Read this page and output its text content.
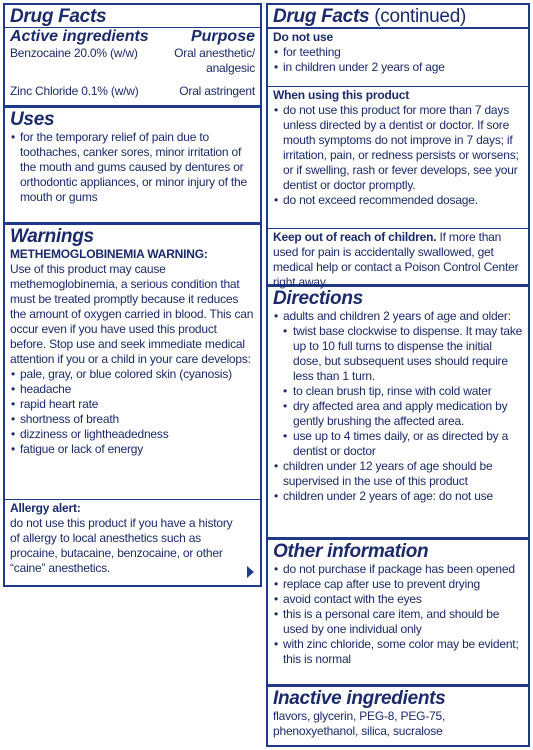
Drug Facts
Active ingredients	Purpose
Benzocaine 20.0% (w/w)	Oral anesthetic/
analgesic
Zinc Chloride 0.1% (w/w)	Oral astringent
Uses
• for the temporary relief of pain due to toothaches, canker sores, minor irritation of the mouth and gums caused by dentures or orthodontic appliances, or minor injury of the mouth or gums
Warnings
METHEMOGLOBINEMIA WARNING:
Use of this product may cause methemoglobinemia, a serious condition that must be treated promptly because it reduces the amount of oxygen carried in blood. This can occur even if you have used this product before. Stop use and seek immediate medical attention if you or a child in your care develops:
• pale, gray, or blue colored skin (cyanosis)
• headache
• rapid heart rate
• shortness of breath
• dizziness or lightheadedness
• fatigue or lack of energy
Allergy alert:
do not use this product if you have a history of allergy to local anesthetics such as procaine, butacaine, benzocaine, or other “caine” anesthetics.
Drug Facts (continued)
Do not use
• for teething
• in children under 2 years of age
When using this product
• do not use this product for more than 7 days unless directed by a dentist or doctor. If sore mouth symptoms do not improve in 7 days; if irritation, pain, or redness persists or worsens; or if swelling, rash or fever develops, see your dentist or doctor promptly.
• do not exceed recommended dosage.
Keep out of reach of children. If more than used for pain is accidentally swallowed, get medical help or contact a Poison Control Center right away.
Directions
• adults and children 2 years of age and older:
• twist base clockwise to dispense. It may take up to 10 full turns to dispense the initial dose, but subsequent uses should require less than 1 turn.
• to clean brush tip, rinse with cold water
• dry affected area and apply medication by gently brushing the affected area.
• use up to 4 times daily, or as directed by a dentist or doctor
• children under 12 years of age should be supervised in the use of this product
• children under 2 years of age: do not use
Other information
• do not purchase if package has been opened
• replace cap after use to prevent drying
• avoid contact with the eyes
• this is a personal care item, and should be used by one individual only
• with zinc chloride, some color may be evident; this is normal
Inactive ingredients
flavors, glycerin, PEG-8, PEG-75, phenoxyethanol, silica, sucralose
